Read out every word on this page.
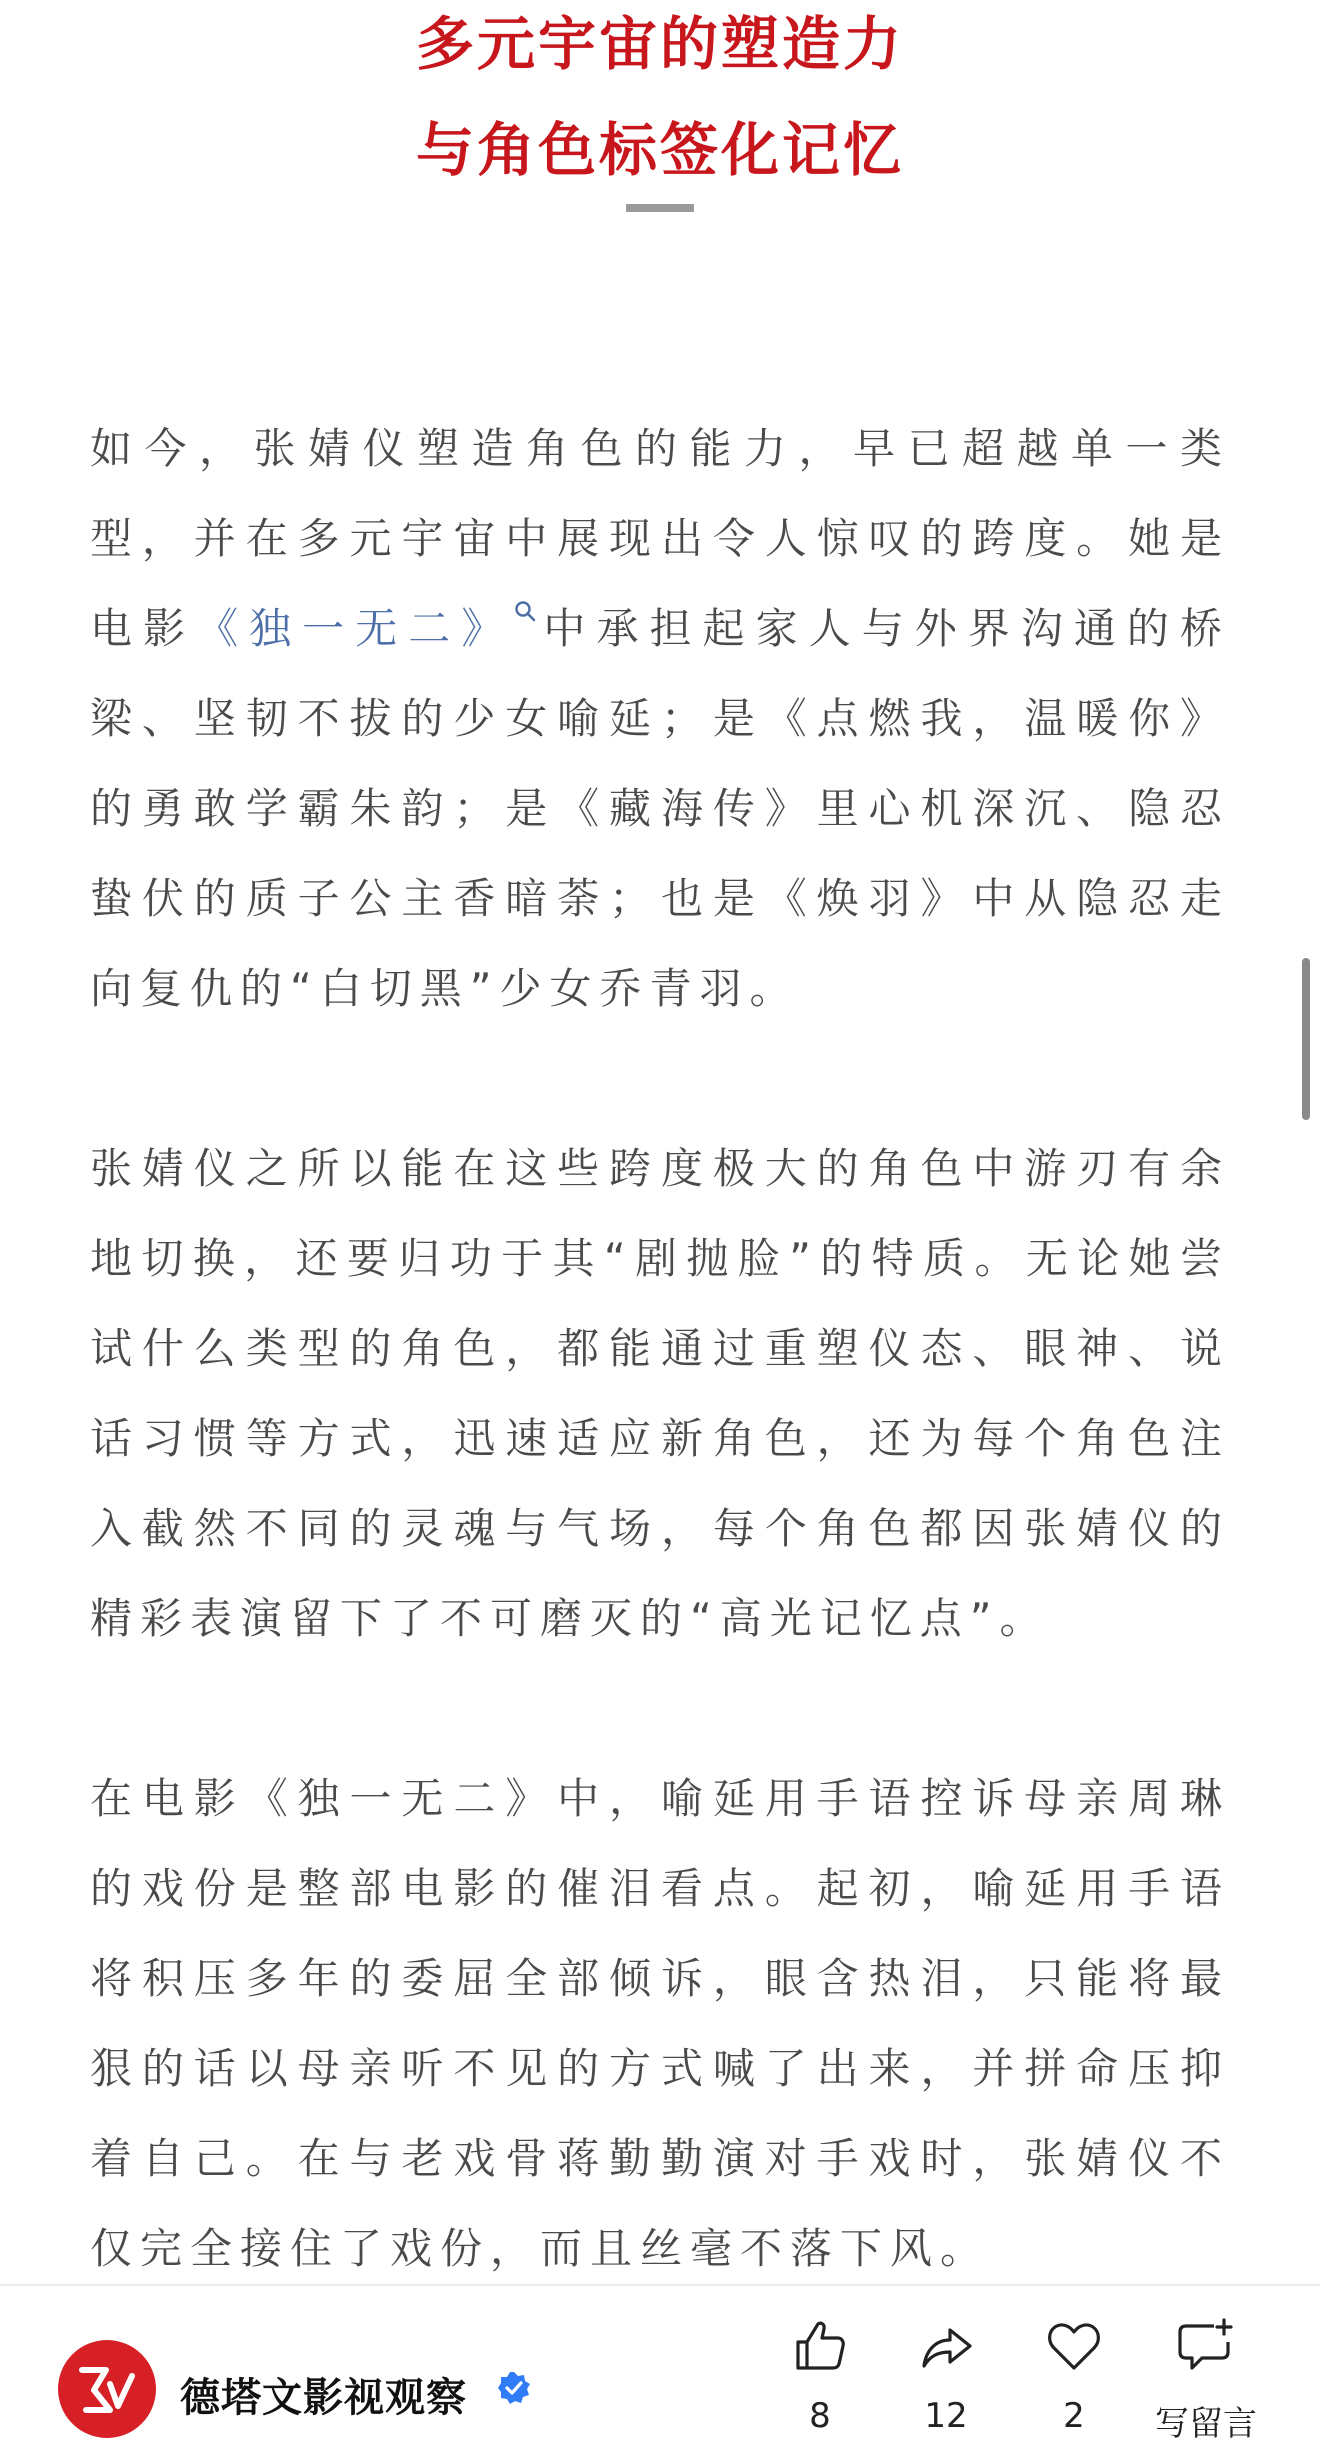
多元宇宙的塑造力
与角色标签化记忆

如今，张婧仪塑造角色的能力，早已超越单一类型，并在多元宇宙中展现出令人惊叹的跨度。她是电影《独一无二》 中承担起家人与外界沟通的桥梁、坚韧不拔的少女喻延；是《点燃我，温暖你》的勇敢学霸朱韵；是《藏海传》里心机深沉、隐忍蛰伏的质子公主香暗荼；也是《焕羽》中从隐忍走向复仇的“白切黑”少女乔青羽。

张婧仪之所以能在这些跨度极大的角色中游刃有余地切换，还要归功于其“剧抛脸”的特质。无论她尝试什么类型的角色，都能通过重塑仪态、眼神、说话习惯等方式，迅速适应新角色，还为每个角色注入截然不同的灵魂与气场，每个角色都因张婧仪的精彩表演留下了不可磨灭的“高光记忆点”。

在电影《独一无二》中，喻延用手语控诉母亲周琳的戏份是整部电影的催泪看点。起初，喻延用手语将积压多年的委屈全部倾诉，眼含热泪，只能将最狠的话以母亲听不见的方式喊了出来，并拼命压抑着自己。在与老戏骨蒋勤勤演对手戏时，张婧仪不仅完全接住了戏份，而且丝毫不落下风。

德塔文影视观察	8	12	2	写留言
